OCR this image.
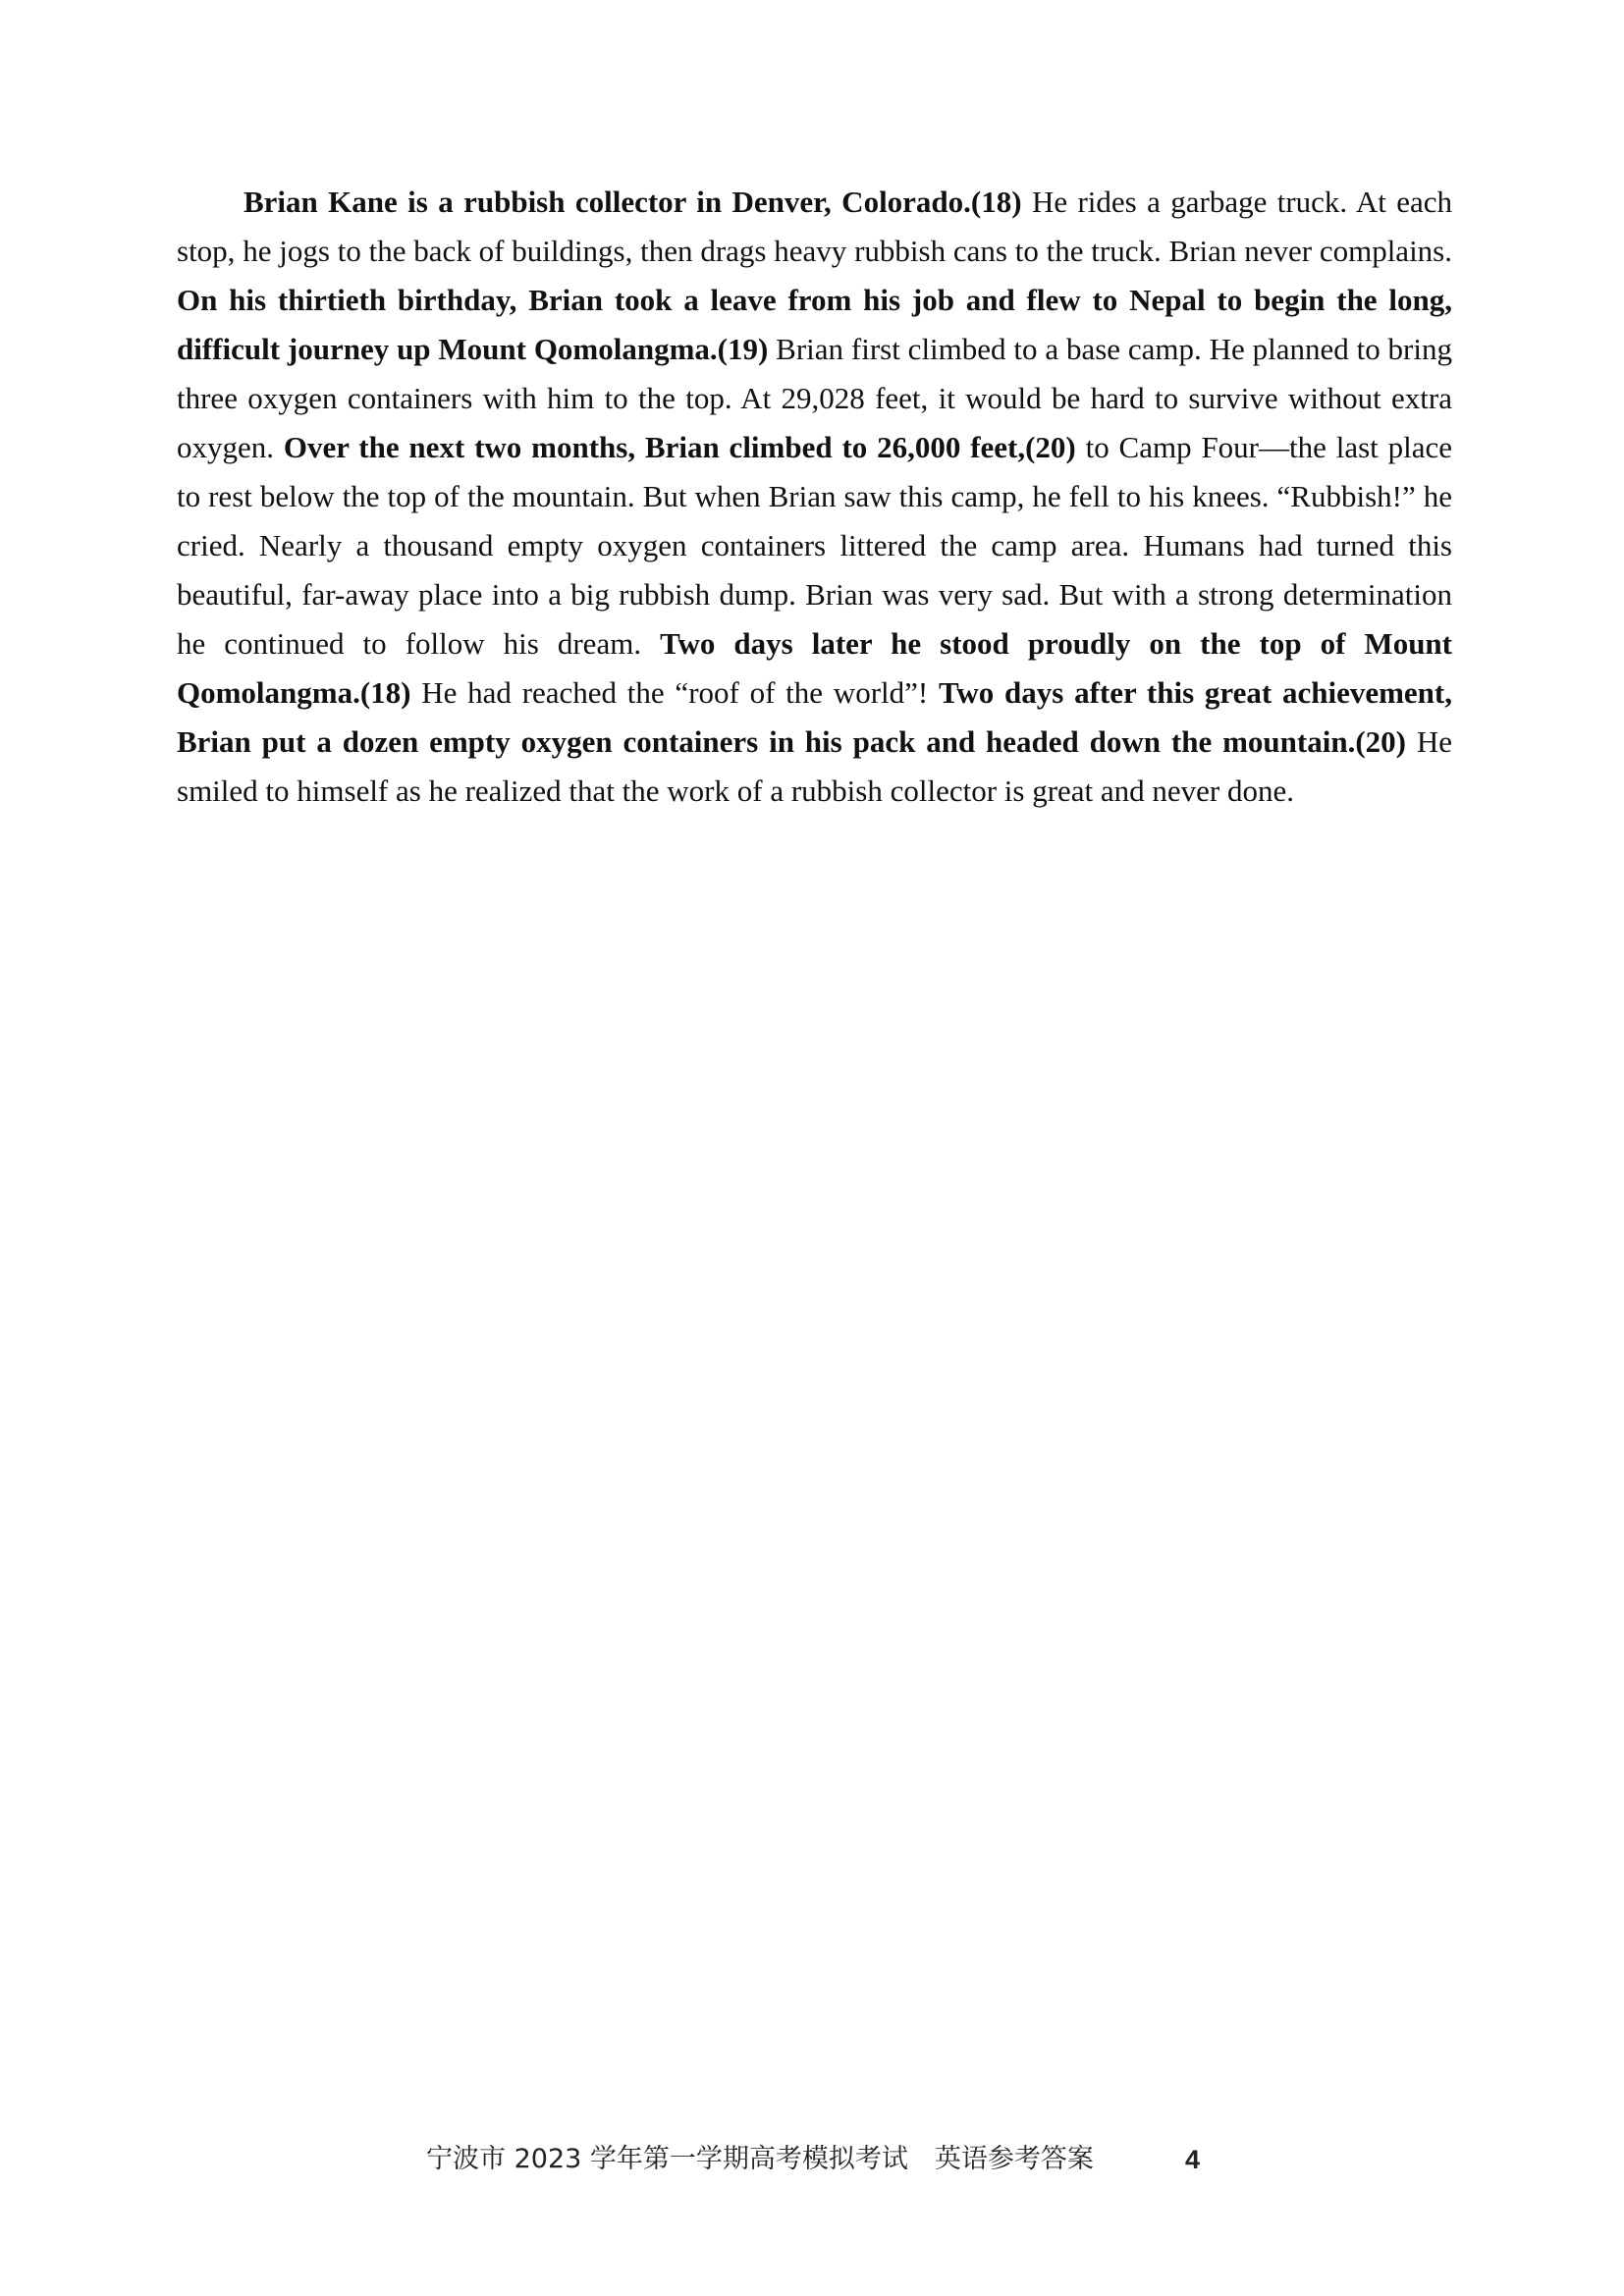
Brian Kane is a rubbish collector in Denver, Colorado.(18) He rides a garbage truck. At each stop, he jogs to the back of buildings, then drags heavy rubbish cans to the truck. Brian never complains. On his thirtieth birthday, Brian took a leave from his job and flew to Nepal to begin the long, difficult journey up Mount Qomolangma.(19) Brian first climbed to a base camp. He planned to bring three oxygen containers with him to the top. At 29,028 feet, it would be hard to survive without extra oxygen. Over the next two months, Brian climbed to 26,000 feet,(20) to Camp Four—the last place to rest below the top of the mountain. But when Brian saw this camp, he fell to his knees. “Rubbish!” he cried. Nearly a thousand empty oxygen containers littered the camp area. Humans had turned this beautiful, far-away place into a big rubbish dump. Brian was very sad. But with a strong determination he continued to follow his dream. Two days later he stood proudly on the top of Mount Qomolangma.(18) He had reached the “roof of the world”! Two days after this great achievement, Brian put a dozen empty oxygen containers in his pack and headed down the mountain.(20) He smiled to himself as he realized that the work of a rubbish collector is great and never done.

宁波市 2023 学年第一学期高考模拟考试　英语参考答案	4
